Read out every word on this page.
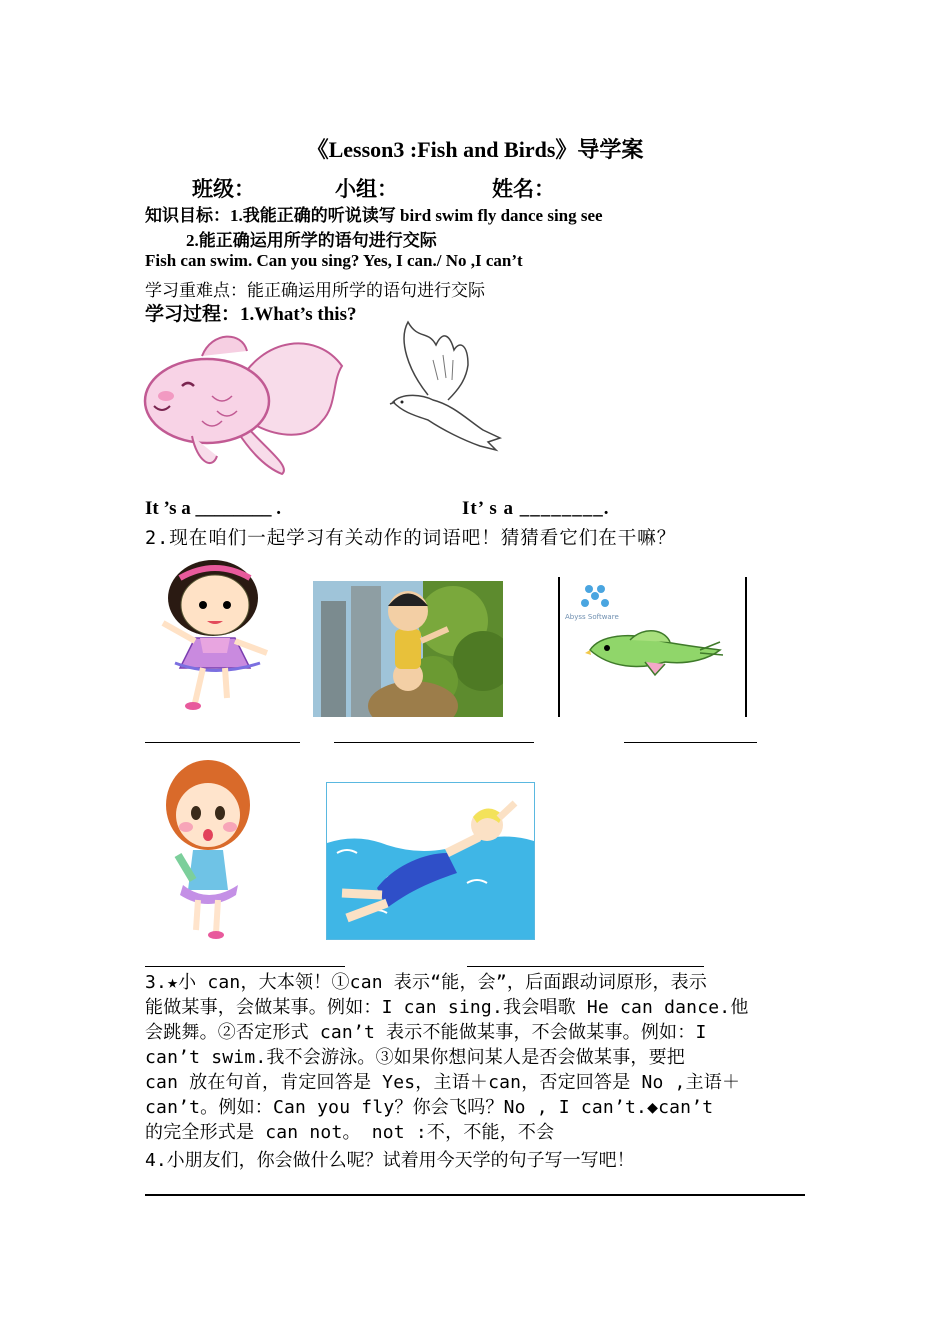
《Lesson3 :Fish and Birds》导学案
班级：	小组：	姓名：
知识目标：1.我能正确的听说读写 bird swim fly dance sing see
2.能正确运用所学的语句进行交际
Fish can swim. Can you sing? Yes, I can./ No ,I can’t
学习重难点：能正确运用所学的语句进行交际
学习过程：1.What’s this?
It ’s a ________ .	It’ s a ________.
2.现在咱们一起学习有关动作的词语吧！猜猜看它们在干嘛？
Abyss Software
3.★小 can，大本领！①can 表示“能，会”，后面跟动词原形，表示
能做某事，会做某事。例如：I can sing.我会唱歌 He can dance.他
会跳舞。②否定形式 can’t 表示不能做某事，不会做某事。例如：I
can’t swim.我不会游泳。③如果你想问某人是否会做某事，要把
can 放在句首，肯定回答是 Yes，主语＋can，否定回答是 No ,主语＋
can’t。例如：Can you fly？你会飞吗？No , I can’t.◆can’t
的完全形式是 can not。 not :不，不能，不会
4.小朋友们，你会做什么呢？试着用今天学的句子写一写吧！
